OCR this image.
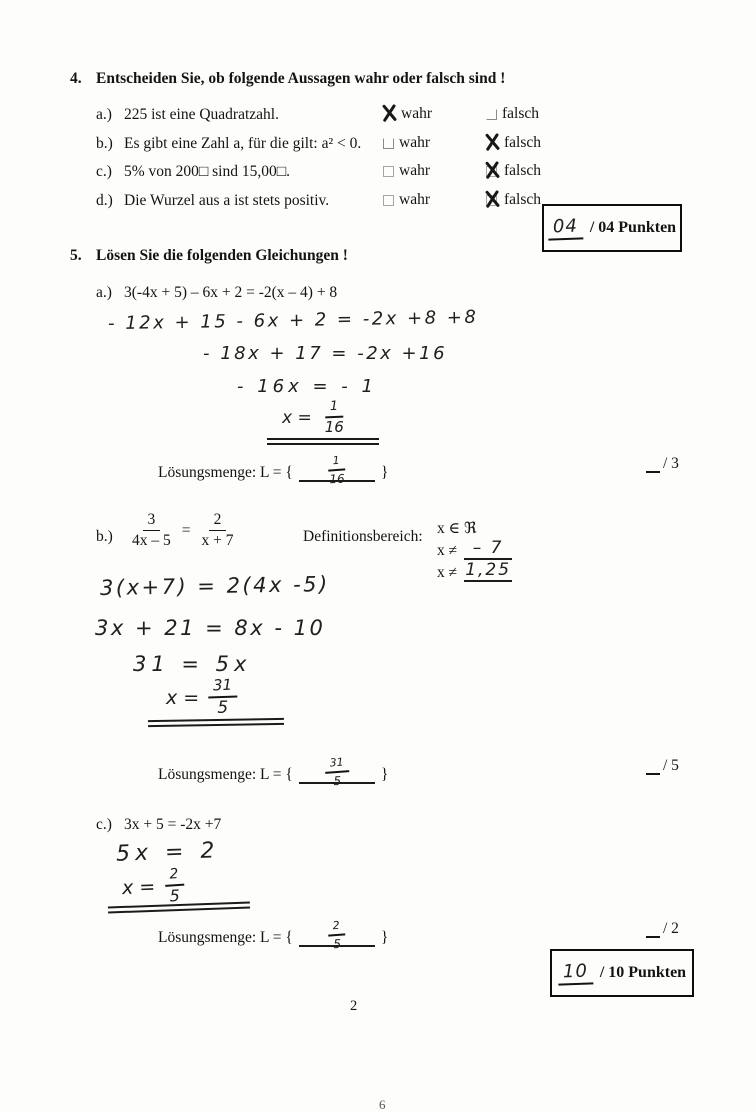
4. Entscheiden Sie, ob folgende Aussagen wahr oder falsch sind !
a.) 225 ist eine Quadratzahl.	wahr	falsch
b.) Es gibt eine Zahl a, für die gilt: a² < 0. wahr	falsch
c.) 5% von 200□ sind 15,00□.	wahr	falsch
d.) Die Wurzel aus a ist stets positiv.	wahr	falsch
04 / 04 Punkten
5. Lösen Sie die folgenden Gleichungen !
a.) 3(-4x + 5) – 6x + 2 = -2(x – 4) + 8
- 12x + 15 - 6x + 2 = -2x +8 +8
- 18x + 17 = -2x +16
- 16x = - 1
$x = \frac{1}{16}$
Lösungsmenge: L = {	$\frac{1}{16}$ }
/ 3
$b.) \frac{3}{4x - 5} = \frac{2}{x + 7}$	Definitionsbereich: x ∈ ℜ
x ≠ – 7
x ≠ 1,25
3(x+7) = 2(4x -5)
3x + 21 = 8x - 10
31 = 5x
$x = \frac{31}{5}$
Lösungsmenge: L = {	$\frac{31}{5}$ }
/ 5
c.) 3x + 5 = -2x +7
5x = 2
$x = \frac{2}{5}$
Lösungsmenge: L = {	$\frac{2}{5}$ }
/ 2
10 / 10 Punkten
2
6
